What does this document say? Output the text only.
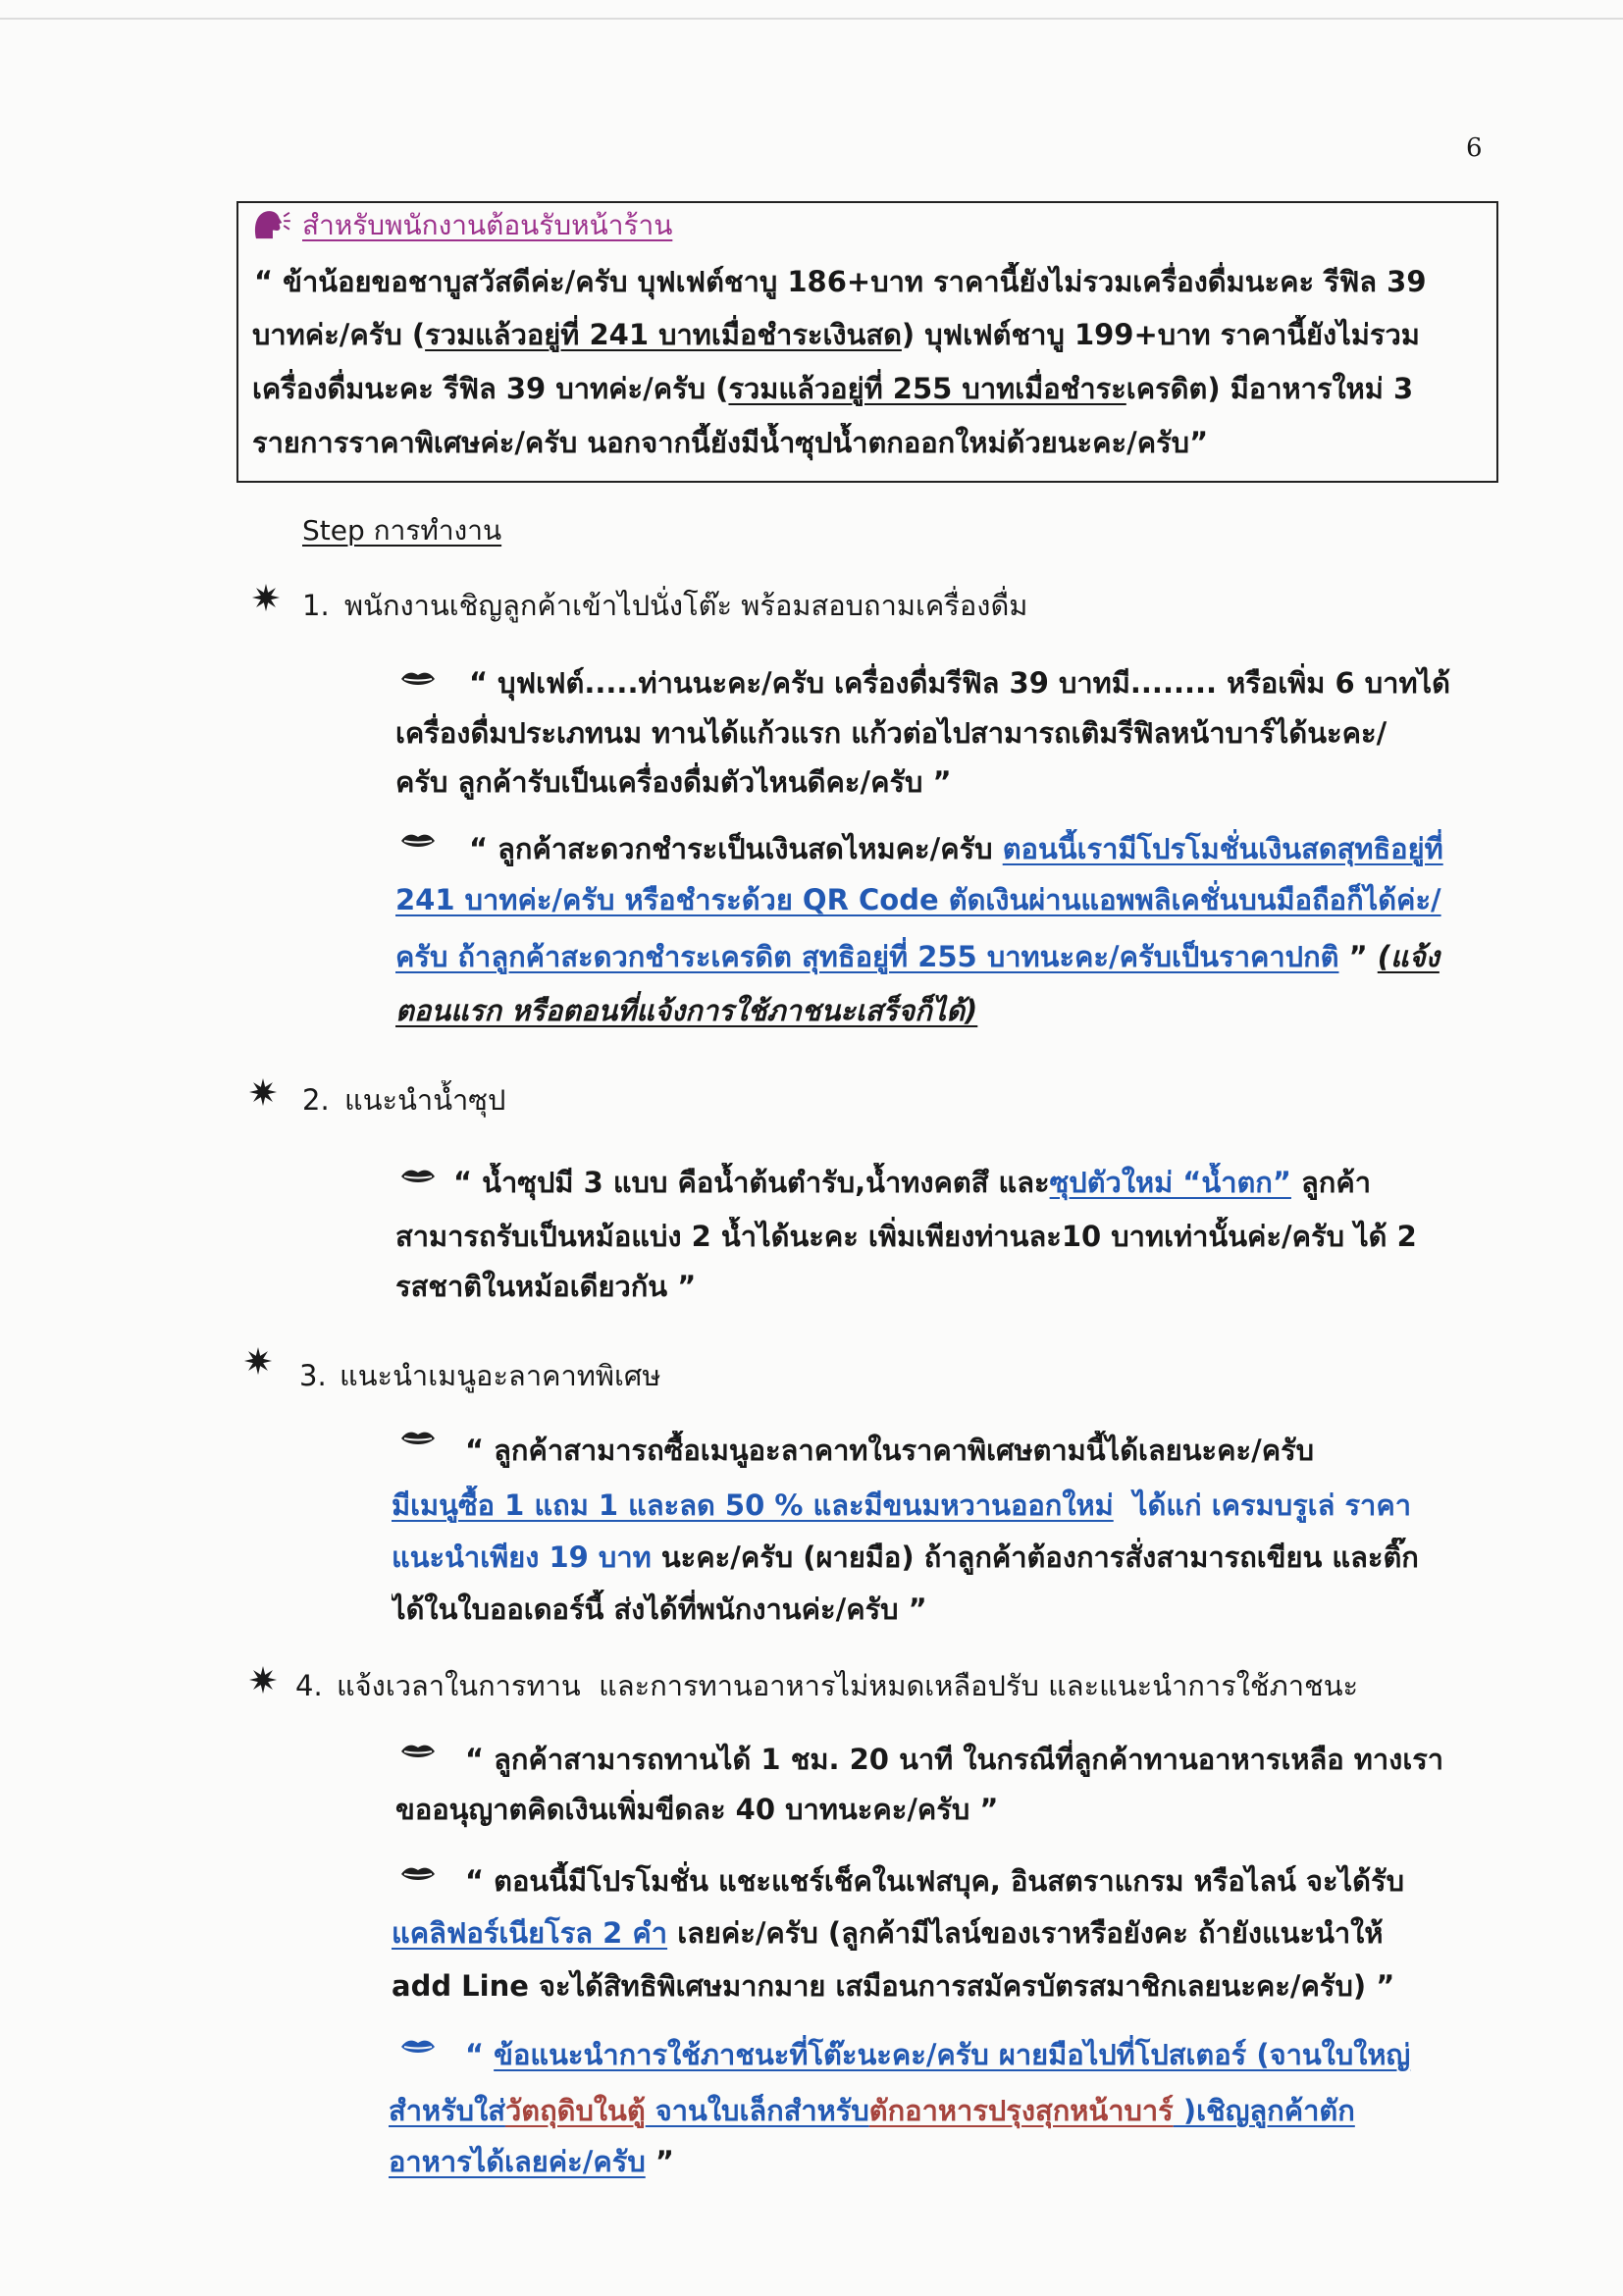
6
สำหรับพนักงานต้อนรับหน้าร้าน
“ ข้าน้อยขอชาบูสวัสดีค่ะ/ครับ บุฟเฟต์ชาบู 186+บาท ราคานี้ยังไม่รวมเครื่องดื่มนะคะ รีฟิล 39
บาทค่ะ/ครับ (รวมแล้วอยู่ที่ 241 บาทเมื่อชำระเงินสด) บุฟเฟต์ชาบู 199+บาท ราคานี้ยังไม่รวม
เครื่องดื่มนะคะ รีฟิล 39 บาทค่ะ/ครับ (รวมแล้วอยู่ที่ 255 บาทเมื่อชำระเครดิต) มีอาหารใหม่ 3
รายการราคาพิเศษค่ะ/ครับ นอกจากนี้ยังมีน้ำซุปน้ำตกออกใหม่ด้วยนะคะ/ครับ”
Step การทำงาน
1. พนักงานเชิญลูกค้าเข้าไปนั่งโต๊ะ พร้อมสอบถามเครื่องดื่ม
“ บุฟเฟต์.....ท่านนะคะ/ครับ เครื่องดื่มรีฟิล 39 บาทมี........ หรือเพิ่ม 6 บาทได้
เครื่องดื่มประเภทนม ทานได้แก้วแรก แก้วต่อไปสามารถเติมรีฟิลหน้าบาร์ได้นะคะ/
ครับ ลูกค้ารับเป็นเครื่องดื่มตัวไหนดีคะ/ครับ ”
“ ลูกค้าสะดวกชำระเป็นเงินสดไหมคะ/ครับ ตอนนี้เรามีโปรโมชั่นเงินสดสุทธิอยู่ที่
241 บาทค่ะ/ครับ หรือชำระด้วย QR Code ตัดเงินผ่านแอพพลิเคชั่นบนมือถือก็ได้ค่ะ/
ครับ ถ้าลูกค้าสะดวกชำระเครดิต สุทธิอยู่ที่ 255 บาทนะคะ/ครับเป็นราคาปกติ ” (แจ้ง
ตอนแรก หรือตอนที่แจ้งการใช้ภาชนะเสร็จก็ได้)
2. แนะนำน้ำซุป
“ น้ำซุปมี 3 แบบ คือน้ำต้นตำรับ,น้ำทงคตสึ และซุปตัวใหม่ “น้ำตก” ลูกค้า
สามารถรับเป็นหม้อแบ่ง 2 น้ำได้นะคะ เพิ่มเพียงท่านละ10 บาทเท่านั้นค่ะ/ครับ ได้ 2
รสชาติในหม้อเดียวกัน ”
3. แนะนำเมนูอะลาคาทพิเศษ
“ ลูกค้าสามารถซื้อเมนูอะลาคาทในราคาพิเศษตามนี้ได้เลยนะคะ/ครับ
มีเมนูซื้อ 1 แถม 1 และลด 50 % และมีขนมหวานออกใหม่  ได้แก่ เครมบรูเล่ ราคา
แนะนำเพียง 19 บาท นะคะ/ครับ (ผายมือ) ถ้าลูกค้าต้องการสั่งสามารถเขียน และติ๊ก
ได้ในใบออเดอร์นี้ ส่งได้ที่พนักงานค่ะ/ครับ ”
4. แจ้งเวลาในการทาน  และการทานอาหารไม่หมดเหลือปรับ และแนะนำการใช้ภาชนะ
“ ลูกค้าสามารถทานได้ 1 ชม. 20 นาที ในกรณีที่ลูกค้าทานอาหารเหลือ ทางเรา
ขออนุญาตคิดเงินเพิ่มขีดละ 40 บาทนะคะ/ครับ ”
“ ตอนนี้มีโปรโมชั่น แชะแชร์เช็คในเฟสบุค, อินสตราแกรม หรือไลน์ จะได้รับ
แคลิฟอร์เนียโรล 2 คำ เลยค่ะ/ครับ (ลูกค้ามีไลน์ของเราหรือยังคะ ถ้ายังแนะนำให้
add Line จะได้สิทธิพิเศษมากมาย เสมือนการสมัครบัตรสมาชิกเลยนะคะ/ครับ) ”
“ ข้อแนะนำการใช้ภาชนะที่โต๊ะนะคะ/ครับ ผายมือไปที่โปสเตอร์ (จานใบใหญ่
สำหรับใส่วัตถุดิบในตู้ จานใบเล็กสำหรับตักอาหารปรุงสุกหน้าบาร์ )เชิญลูกค้าตัก
อาหารได้เลยค่ะ/ครับ ”
